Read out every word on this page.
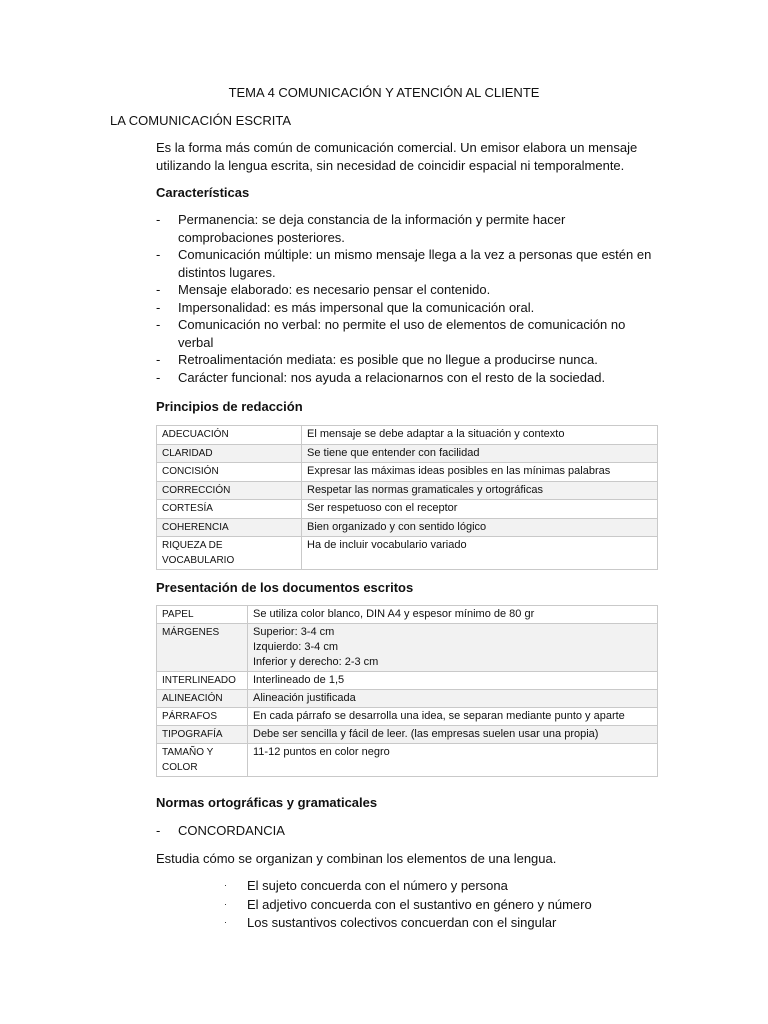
TEMA 4 COMUNICACIÓN Y ATENCIÓN AL CLIENTE
LA COMUNICACIÓN ESCRITA
Es la forma más común de comunicación comercial. Un emisor elabora un mensaje utilizando la lengua escrita, sin necesidad de coincidir espacial ni temporalmente.
Características
- Permanencia: se deja constancia de la información y permite hacer comprobaciones posteriores.
- Comunicación múltiple: un mismo mensaje llega a la vez a personas que estén en distintos lugares.
- Mensaje elaborado: es necesario pensar el contenido.
- Impersonalidad: es más impersonal que la comunicación oral.
- Comunicación no verbal: no permite el uso de elementos de comunicación no verbal
- Retroalimentación mediata: es posible que no llegue a producirse nunca.
- Carácter funcional: nos ayuda a relacionarnos con el resto de la sociedad.
Principios de redacción
ADECUACIÓN	El mensaje se debe adaptar a la situación y contexto
CLARIDAD	Se tiene que entender con facilidad
CONCISIÓN	Expresar las máximas ideas posibles en las mínimas palabras
CORRECCIÓN	Respetar las normas gramaticales y ortográficas
CORTESÍA	Ser respetuoso con el receptor
COHERENCIA	Bien organizado y con sentido lógico
RIQUEZA DE VOCABULARIO	Ha de incluir vocabulario variado
Presentación de los documentos escritos
PAPEL	Se utiliza color blanco, DIN A4 y espesor mínimo de 80 gr
MÁRGENES	Superior: 3-4 cm
Izquierdo: 3-4 cm
Inferior y derecho: 2-3 cm

INTERLINEADO	Interlineado de 1,5
ALINEACIÓN	Alineación justificada
PÁRRAFOS	En cada párrafo se desarrolla una idea, se separan mediante punto y aparte
TIPOGRAFÍA	Debe ser sencilla y fácil de leer. (las empresas suelen usar una propia)

TAMAÑO Y
COLOR	11-12 puntos en color negro
Normas ortográficas y gramaticales
- CONCORDANCIA
Estudia cómo se organizan y combinan los elementos de una lengua.
· El sujeto concuerda con el número y persona
· El adjetivo concuerda con el sustantivo en género y número
· Los sustantivos colectivos concuerdan con el singular
